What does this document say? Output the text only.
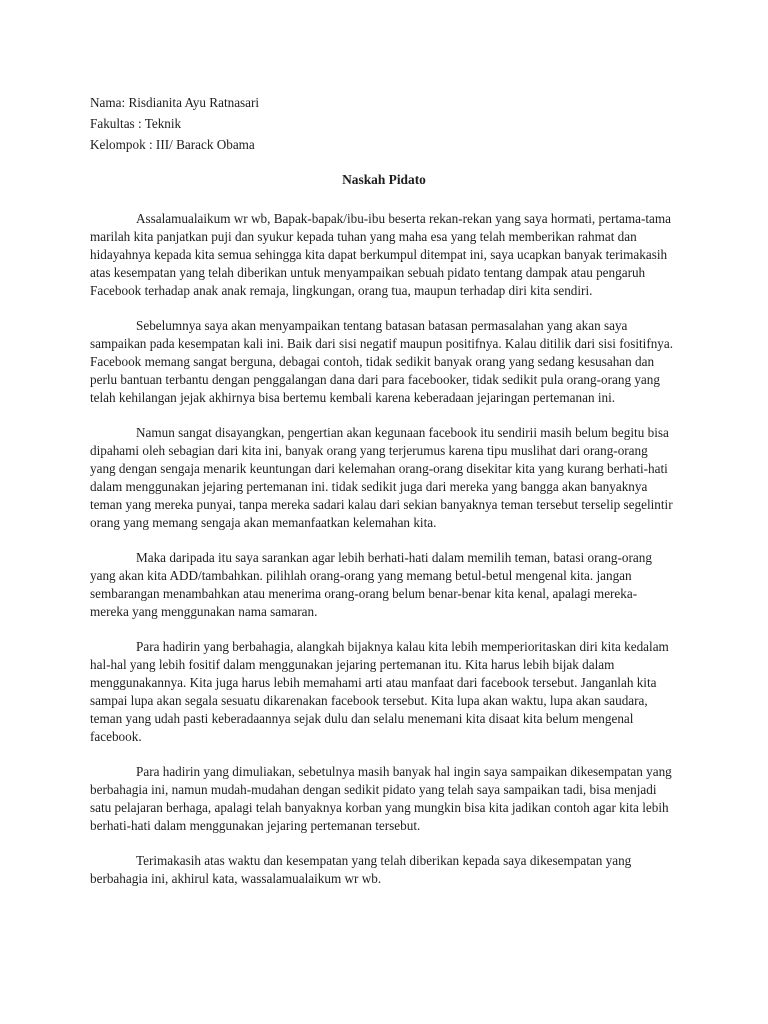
Nama: Risdianita Ayu Ratnasari
Fakultas : Teknik
Kelompok : III/ Barack Obama
Naskah Pidato

Assalamualaikum wr wb, Bapak-bapak/ibu-ibu beserta rekan-rekan yang saya hormati, pertama-tama marilah kita panjatkan puji dan syukur kepada tuhan yang maha esa yang telah memberikan rahmat dan hidayahnya kepada kita semua sehingga kita dapat berkumpul ditempat ini, saya ucapkan banyak terimakasih atas kesempatan yang telah diberikan untuk menyampaikan sebuah pidato tentang dampak atau pengaruh Facebook terhadap anak anak remaja, lingkungan, orang tua, maupun terhadap diri kita sendiri.

Sebelumnya saya akan menyampaikan tentang batasan batasan permasalahan yang akan saya sampaikan pada kesempatan kali ini. Baik dari sisi negatif maupun positifnya. Kalau ditilik dari sisi fositifnya. Facebook memang sangat berguna, debagai contoh, tidak sedikit banyak orang yang sedang kesusahan dan perlu bantuan terbantu dengan penggalangan dana dari para facebooker, tidak sedikit pula orang-orang yang telah kehilangan jejak akhirnya bisa bertemu kembali karena keberadaan jejaringan pertemanan ini.

Namun sangat disayangkan, pengertian akan kegunaan facebook itu sendirii masih belum begitu bisa dipahami oleh sebagian dari kita ini, banyak orang yang terjerumus karena tipu muslihat dari orang-orang yang dengan sengaja menarik keuntungan dari kelemahan orang-orang disekitar kita yang kurang berhati-hati dalam menggunakan jejaring pertemanan ini. tidak sedikit juga dari mereka yang bangga akan banyaknya teman yang mereka punyai, tanpa mereka sadari kalau dari sekian banyaknya teman tersebut terselip segelintir orang yang memang sengaja akan memanfaatkan kelemahan kita.

Maka daripada itu saya sarankan agar lebih berhati-hati dalam memilih teman, batasi orang-orang yang akan kita ADD/tambahkan. pilihlah orang-orang yang memang betul-betul mengenal kita. jangan sembarangan menambahkan atau menerima orang-orang belum benar-benar kita kenal, apalagi mereka-mereka yang menggunakan nama samaran.

Para hadirin yang berbahagia, alangkah bijaknya kalau kita lebih memperioritaskan diri kita kedalam hal-hal yang lebih fositif dalam menggunakan jejaring pertemanan itu. Kita harus lebih bijak dalam menggunakannya. Kita juga harus lebih memahami arti atau manfaat dari facebook tersebut. Janganlah kita sampai lupa akan segala sesuatu dikarenakan facebook tersebut. Kita lupa akan waktu, lupa akan saudara, teman yang udah pasti keberadaannya sejak dulu dan selalu menemani kita disaat kita belum mengenal facebook.

Para hadirin yang dimuliakan, sebetulnya masih banyak hal ingin saya sampaikan dikesempatan yang berbahagia ini, namun mudah-mudahan dengan sedikit pidato yang telah saya sampaikan tadi, bisa menjadi satu pelajaran berhaga, apalagi telah banyaknya korban yang mungkin bisa kita jadikan contoh agar kita lebih berhati-hati dalam menggunakan jejaring pertemanan tersebut.

Terimakasih atas waktu dan kesempatan yang telah diberikan kepada saya dikesempatan yang berbahagia ini, akhirul kata, wassalamualaikum wr wb.
